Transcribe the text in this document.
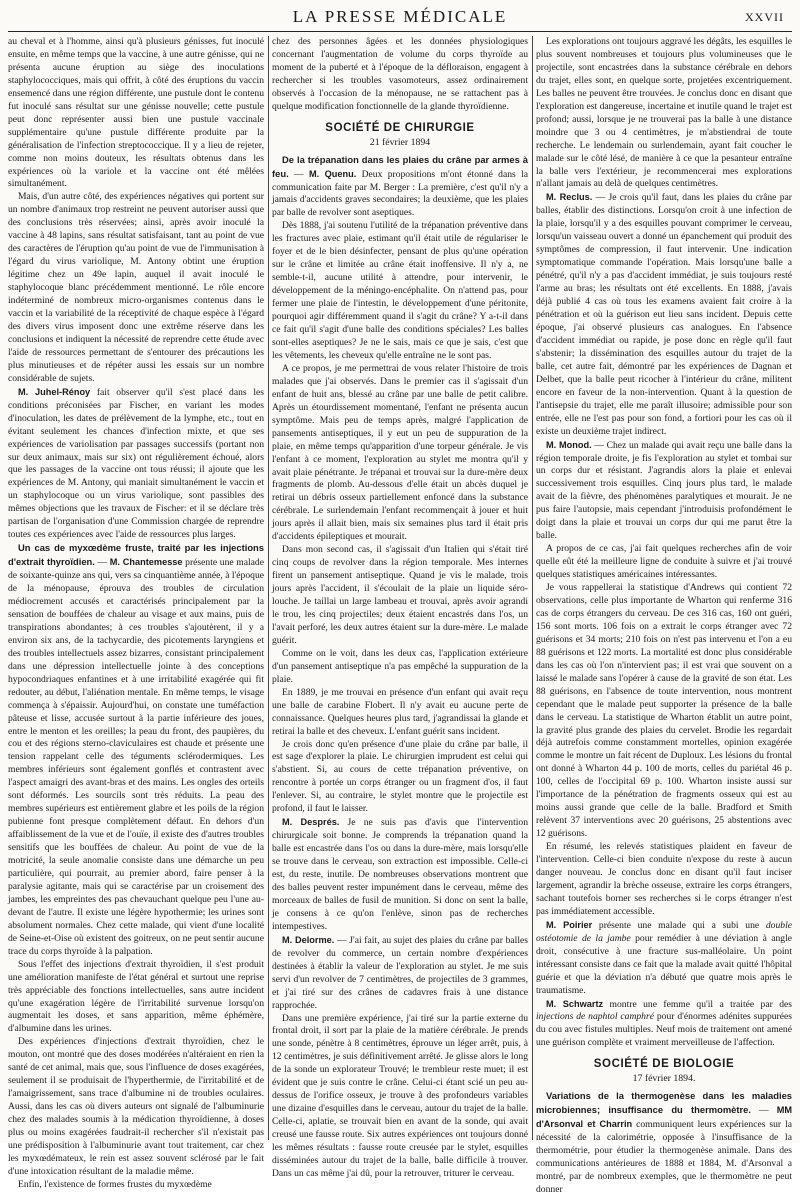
LA PRESSE MÉDICALE	XXVII

au cheval et à l'homme, ainsi qu'à plusieurs génisses, fut inoculé ensuite, en même temps que la vaccine, à une autre génisse, qui ne présenta aucune éruption au siège des inoculations staphylococciques, mais qui offrit, à côté des éruptions du vaccin ensemencé dans une région différente, une pustule dont le contenu fut inoculé sans résultat sur une génisse nouvelle; cette pustule peut donc représenter aussi bien une pustule vaccinale supplémentaire qu'une pustule différente produite par la généralisation de l'infection streptococcique. Il y a lieu de rejeter, comme non moins douteux, les résultats obtenus dans les expériences où la variole et la vaccine ont été mêlées simultanément.

Mais, d'un autre côté, des expériences négatives qui portent sur un nombre d'animaux trop restreint ne peuvent autoriser aussi que des conclusions très réservées; ainsi, après avoir inoculé la vaccine à 48 lapins, sans résultat satisfaisant, tant au point de vue des caractères de l'éruption qu'au point de vue de l'immunisation à l'égard du virus variolique, M. Antony obtint une éruption légitime chez un 49e lapin, auquel il avait inoculé le staphylocoque blanc précédemment mentionné. Le rôle encore indéterminé de nombreux micro-organismes contenus dans le vaccin et la variabilité de la réceptivité de chaque espèce à l'égard des divers virus imposent donc une extrême réserve dans les conclusions et indiquent la nécessité de reprendre cette étude avec l'aide de ressources permettant de s'entourer des précautions les plus minutieuses et de répéter aussi les essais sur un nombre considérable de sujets.

M. Juhel-Rénoy fait observer qu'il s'est placé dans les conditions préconisées par Fischer, en variant les modes d'inoculation, les dates de prélèvement de la lymphe, etc., tout en évitant seulement les chances d'infection mixte, et que ses expériences de variolisation par passages successifs (portant non sur deux animaux, mais sur six) ont régulièrement échoué, alors que les passages de la vaccine ont tous réussi; il ajoute que les expériences de M. Antony, qui maniait simultanément le vaccin et un staphylocoque ou un virus variolique, sont passibles des mêmes objections que les travaux de Fischer: et il se déclare très partisan de l'organisation d'une Commission chargée de reprendre toutes ces expériences avec l'aide de ressources plus larges.

Un cas de myxœdème fruste, traité par les injections d'extrait thyroïdien. — M. Chantemesse présente une malade de soixante-quinze ans qui, vers sa cinquantième année, à l'époque de la ménopause, éprouva des troubles de circulation médiocrement accusés et caractérisés principalement par la sensation de bouffées de chaleur au visage et aux mains, puis de transpirations abondantes; à ces troubles s'ajoutèrent, il y a environ six ans, de la tachycardie, des picotements laryngiens et des troubles intellectuels assez bizarres, consistant principalement dans une dépression intellectuelle jointe à des conceptions hypocondriaques enfantines et à une irritabilité exagérée qui fit redouter, au début, l'aliénation mentale. En même temps, le visage commença à s'épaissir. Aujourd'hui, on constate une tuméfaction pâteuse et lisse, accusée surtout à la partie inférieure des joues, entre le menton et les oreilles; la peau du front, des paupières, du cou et des régions sterno-claviculaires est chaude et présente une tension rappelant celle des téguments sclérodermiques. Les membres inférieurs sont également gonflés et contrastent avec l'aspect amaigri des avant-bras et des mains. Les ongles des orteils sont déformés. Les sourcils sont très réduits. La peau des membres supérieurs est entièrement glabre et les poils de la région pubienne font presque complètement défaut. En dehors d'un affaiblissement de la vue et de l'ouïe, il existe des d'autres troubles sensitifs que les bouffées de chaleur. Au point de vue de la motricité, la seule anomalie consiste dans une démarche un peu particulière, qui pourrait, au premier abord, faire penser à la paralysie agitante, mais qui se caractérise par un croisement des jambes, les empreintes des pas chevauchant quelque peu l'une au-devant de l'autre. Il existe une légère hypothermie; les urines sont absolument normales. Chez cette malade, qui vient d'une localité de Seine-et-Oise où existent des goitreux, on ne peut sentir aucune trace du corps thyroïde à la palpation.

Sous l'effet des injections d'extrait thyroïdien, il s'est produit une amélioration manifeste de l'état général et surtout une reprise très appréciable des fonctions intellectuelles, sans autre incident qu'une exagération légère de l'irritabilité survenue lorsqu'on augmentait les doses, et sans apparition, même éphémère, d'albumine dans les urines.

Des expériences d'injections d'extrait thyroïdien, chez le mouton, ont montré que des doses modérées n'altéraient en rien la santé de cet animal, mais que, sous l'influence de doses exagérées, seulement il se produisait de l'hyperthermie, de l'irritabilité et de l'amaigrissement, sans trace d'albumine ni de troubles oculaires. Aussi, dans les cas où divers auteurs ont signalé de l'albuminurie chez des malades soumis à la médication thyroïdienne, à doses plus ou moins exagérées faudrait-il rechercher s'il n'existait pas une prédisposition à l'albuminurie avant tout traitement, car chez les myxœdémateux, le rein est assez souvent sclérosé par le fait d'une intoxication résultant de la maladie même.

Enfin, l'existence de formes frustes du myxœdème

chez des personnes âgées et les données physiologiques concernant l'augmentation de volume du corps thyroïde au moment de la puberté et à l'époque de la défloraison, engagent à rechercher si les troubles vasomoteurs, assez ordinairement observés à l'occasion de la ménopause, ne se rattachent pas à quelque modification fonctionnelle de la glande thyroïdienne.

SOCIÉTÉ DE CHIRURGIE
21 février 1894

De la trépanation dans les plaies du crâne par armes à feu. — M. Quenu. Deux propositions m'ont étonné dans la communication faite par M. Berger : La première, c'est qu'il n'y a jamais d'accidents graves secondaires; la deuxième, que les plaies par balle de revolver sont aseptiques.

Dès 1888, j'ai soutenu l'utilité de la trépanation préventive dans les fractures avec plaie, estimant qu'il était utile de régulariser le foyer et de le bien désinfecter, pensant de plus qu'une opération sur le crâne et limitée au crâne était inoffensive. Il n'y a, ne semble-t-il, aucune utilité à attendre, pour intervenir, le développement de la méningo-encéphalite. On n'attend pas, pour fermer une plaie de l'intestin, le développement d'une péritonite, pourquoi agir différemment quand il s'agit du crâne? Y a-t-il dans ce fait qu'il s'agit d'une balle des conditions spéciales? Les balles sont-elles aseptiques? Je ne le sais, mais ce que je sais, c'est que les vêtements, les cheveux qu'elle entraîne ne le sont pas.

A ce propos, je me permettrai de vous relater l'histoire de trois malades que j'ai observés. Dans le premier cas il s'agissait d'un enfant de huit ans, blessé au crâne par une balle de petit calibre. Après un étourdissement momentané, l'enfant ne présenta aucun symptôme. Mais peu de temps après, malgré l'application de pansements antiseptiques, il y eut un peu de suppuration de la plaie, en même temps qu'apparition d'une torpeur générale. Je vis l'enfant à ce moment, l'exploration au stylet me montra qu'il y avait plaie pénétrante. Je trépanai et trouvai sur la dure-mère deux fragments de plomb. Au-dessous d'elle était un abcès duquel je retirai un débris osseux partiellement enfoncé dans la substance cérébrale. Le surlendemain l'enfant recommençait à jouer et huit jours après il allait bien, mais six semaines plus tard il était pris d'accidents épileptiques et mourait.

Dans mon second cas, il s'agissait d'un Italien qui s'était tiré cinq coups de revolver dans la région temporale. Mes internes firent un pansement antiseptique. Quand je vis le malade, trois jours après l'accident, il s'écoulait de la plaie un liquide séro-louche. Je taillai un large lambeau et trouvai, après avoir agrandi le trou, les cinq projectiles; deux étaient encastrés dans l'os, un l'avait perforé, les deux autres étaient sur la dure-mère. Le malade guérit.

Comme on le voit, dans les deux cas, l'application extérieure d'un pansement antiseptique n'a pas empêché la suppuration de la plaie.

En 1889, je me trouvai en présence d'un enfant qui avait reçu une balle de carabine Flobert. Il n'y avait eu aucune perte de connaissance. Quelques heures plus tard, j'agrandissai la glande et retirai la balle et des cheveux. L'enfant guérit sans incident.

Je crois donc qu'en présence d'une plaie du crâne par balle, il est sage d'explorer la plaie. Le chirurgien imprudent est celui qui s'abstient. Si, au cours de cette trépanation préventive, on rencontre à portée un corps étranger ou un fragment d'os, il faut l'enlever. Si, au contraire, le stylet montre que le projectile est profond, il faut le laisser.

M. Després. Je ne suis pas d'avis que l'intervention chirurgicale soit bonne. Je comprends la trépanation quand la balle est encastrée dans l'os ou dans la dure-mère, mais lorsqu'elle se trouve dans le cerveau, son extraction est impossible. Celle-ci est, du reste, inutile. De nombreuses observations montrent que des balles peuvent rester impunément dans le cerveau, même des morceaux de balles de fusil de munition. Si donc on sent la balle, je consens à ce qu'on l'enlève, sinon pas de recherches intempestives.

M. Delorme. — J'ai fait, au sujet des plaies du crâne par balles de revolver du commerce, un certain nombre d'expériences destinées à établir la valeur de l'exploration au stylet. Je me suis servi d'un revolver de 7 centimètres, de projectiles de 3 grammes, et j'ai tiré sur des crânes de cadavres frais à une distance rapprochée.

Dans une première expérience, j'ai tiré sur la partie externe du frontal droit, il sort par la plaie de la matière cérébrale. Je prends une sonde, pénètre à 8 centimètres, éprouve un léger arrêt, puis, à 12 centimètres, je suis définitivement arrêté. Je glisse alors le long de la sonde un explorateur Trouvé; le trembleur reste muet; il est évident que je suis contre le crâne. Celui-ci étant scié un peu au-dessus de l'orifice osseux, je trouve à des profondeurs variables une dizaine d'esquilles dans le cerveau, autour du trajet de la balle. Celle-ci, aplatie, se trouvait bien en avant de la sonde, qui avait creusé une fausse route. Six autres expériences ont toujours donné les mêmes résultats : fausse route creusée par le stylet, esquilles disséminées autour du trajet de la balle, balle difficile à trouver. Dans un cas même j'ai dû, pour la retrouver, triturer le cerveau.

Les explorations ont toujours aggravé les dégâts, les esquilles le plus souvent nombreuses et toujours plus volumineuses que le projectile, sont encastrées dans la substance cérébrale en dehors du trajet, elles sont, en quelque sorte, projetées excentriquement. Les balles ne peuvent être trouvées. Je conclus donc en disant que l'exploration est dangereuse, incertaine et inutile quand le trajet est profond; aussi, lorsque je ne trouverai pas la balle à une distance moindre que 3 ou 4 centimètres, je m'abstiendrai de toute recherche. Le lendemain ou surlendemain, ayant fait coucher le malade sur le côté lésé, de manière à ce que la pesanteur entraîne la balle vers l'extérieur, je recommencerai mes explorations n'allant jamais au delà de quelques centimètres.

M. Reclus. — Je crois qu'il faut, dans les plaies du crâne par balles, établir des distinctions. Lorsqu'on croit à une infection de la plaie, lorsqu'il y a des esquilles pouvant comprimer le cerveau, lorsqu'un vaisseau ouvert a donné un épanchement qui produit des symptômes de compression, il faut intervenir. Une indication symptomatique commande l'opération. Mais lorsqu'une balle a pénétré, qu'il n'y a pas d'accident immédiat, je suis toujours resté l'arme au bras; les résultats ont été excellents. En 1888, j'avais déjà publié 4 cas où tous les examens avaient fait croire à la pénétration et où la guérison eut lieu sans incident. Depuis cette époque, j'ai observé plusieurs cas analogues. En l'absence d'accident immédiat ou rapide, je pose donc en règle qu'il faut s'abstenir; la dissémination des esquilles autour du trajet de la balle, cet autre fait, démontré par les expériences de Dagnan et Delbet, que la balle peut ricocher à l'intérieur du crâne, militent encore en faveur de la non-intervention. Quant à la question de l'antisepsie du trajet, elle me paraît illusoire; admissible pour son entrée, elle ne l'est pas pour son fond, a fortiori pour les cas où il existe un deuxième trajet indirect.

M. Monod. — Chez un malade qui avait reçu une balle dans la région temporale droite, je fis l'exploration au stylet et tombai sur un corps dur et résistant. J'agrandis alors la plaie et enlevai successivement trois esquilles. Cinq jours plus tard, le malade avait de la fièvre, des phénomènes paralytiques et mourait. Je ne pus faire l'autopsie, mais cependant j'introduisis profondément le doigt dans la plaie et trouvai un corps dur qui me parut être la balle.

A propos de ce cas, j'ai fait quelques recherches afin de voir quelle eût été la meilleure ligne de conduite à suivre et j'ai trouvé quelques statistiques américaines intéressantes.

Je vous rappellerai la statistique d'Andrews qui contient 72 observations, celle plus importante de Wharton qui renferme 316 cas de corps étrangers du cerveau. De ces 316 cas, 160 ont guéri, 156 sont morts. 106 fois on a extrait le corps étranger avec 72 guérisons et 34 morts; 210 fois on n'est pas intervenu et l'on a eu 88 guérisons et 122 morts. La mortalité est donc plus considérable dans les cas où l'on n'intervient pas; il est vrai que souvent on a laissé le malade sans l'opérer à cause de la gravité de son état. Les 88 guérisons, en l'absence de toute intervention, nous montrent cependant que le malade peut supporter la présence de la balle dans le cerveau. La statistique de Wharton établit un autre point, la gravité plus grande des plaies du cervelet. Brodie les regardait déjà autrefois comme constamment mortelles, opinion exagérée comme le montre un fait récent de Duploux. Les lésions du frontal ont donné à Wharton 44 p. 100 de morts, celles du pariétal 46 p. 100, celles de l'occipital 69 p. 100. Wharton insiste aussi sur l'importance de la pénétration de fragments osseux qui est au moins aussi grande que celle de la balle. Bradford et Smith relèvent 37 interventions avec 20 guérisons, 25 abstentions avec 12 guérisons.

En résumé, les relevés statistiques plaident en faveur de l'intervention. Celle-ci bien conduite n'expose du reste à aucun danger nouveau. Je conclus donc en disant qu'il faut inciser largement, agrandir la brèche osseuse, extraire les corps étrangers, sachant toutefois borner ses recherches si le corps étranger n'est pas immédiatement accessible.

M. Poirier présente une malade qui a subi une double ostéotomie de la jambe pour remédier à une déviation à angle droit, consécutive à une fracture sus-malléolaire. Un point intéressant consiste dans ce fait que la malade avait quitté l'hôpital guérie et que la déviation n'a débuté que quatre mois après le traumatisme.

M. Schwartz montre une femme qu'il a traitée par des injections de naphtol camphré pour d'énormes adénites suppurées du cou avec fistules multiples. Neuf mois de traitement ont amené une guérison complète et vraiment merveilleuse de l'affection.

SOCIÉTÉ DE BIOLOGIE
17 février 1894.

Variations de la thermogenèse dans les maladies microbiennes; insuffisance du thermomètre. — MM d'Arsonval et Charrin communiquent leurs expériences sur la nécessité de la calorimétrie, opposée à l'insuffisance de la thermométrie, pour étudier la thermogenèse animale. Dans des communications antérieures de 1888 et 1884, M. d'Arsonval a montré, par de nombreux exemples, que le thermomètre ne peut donner
